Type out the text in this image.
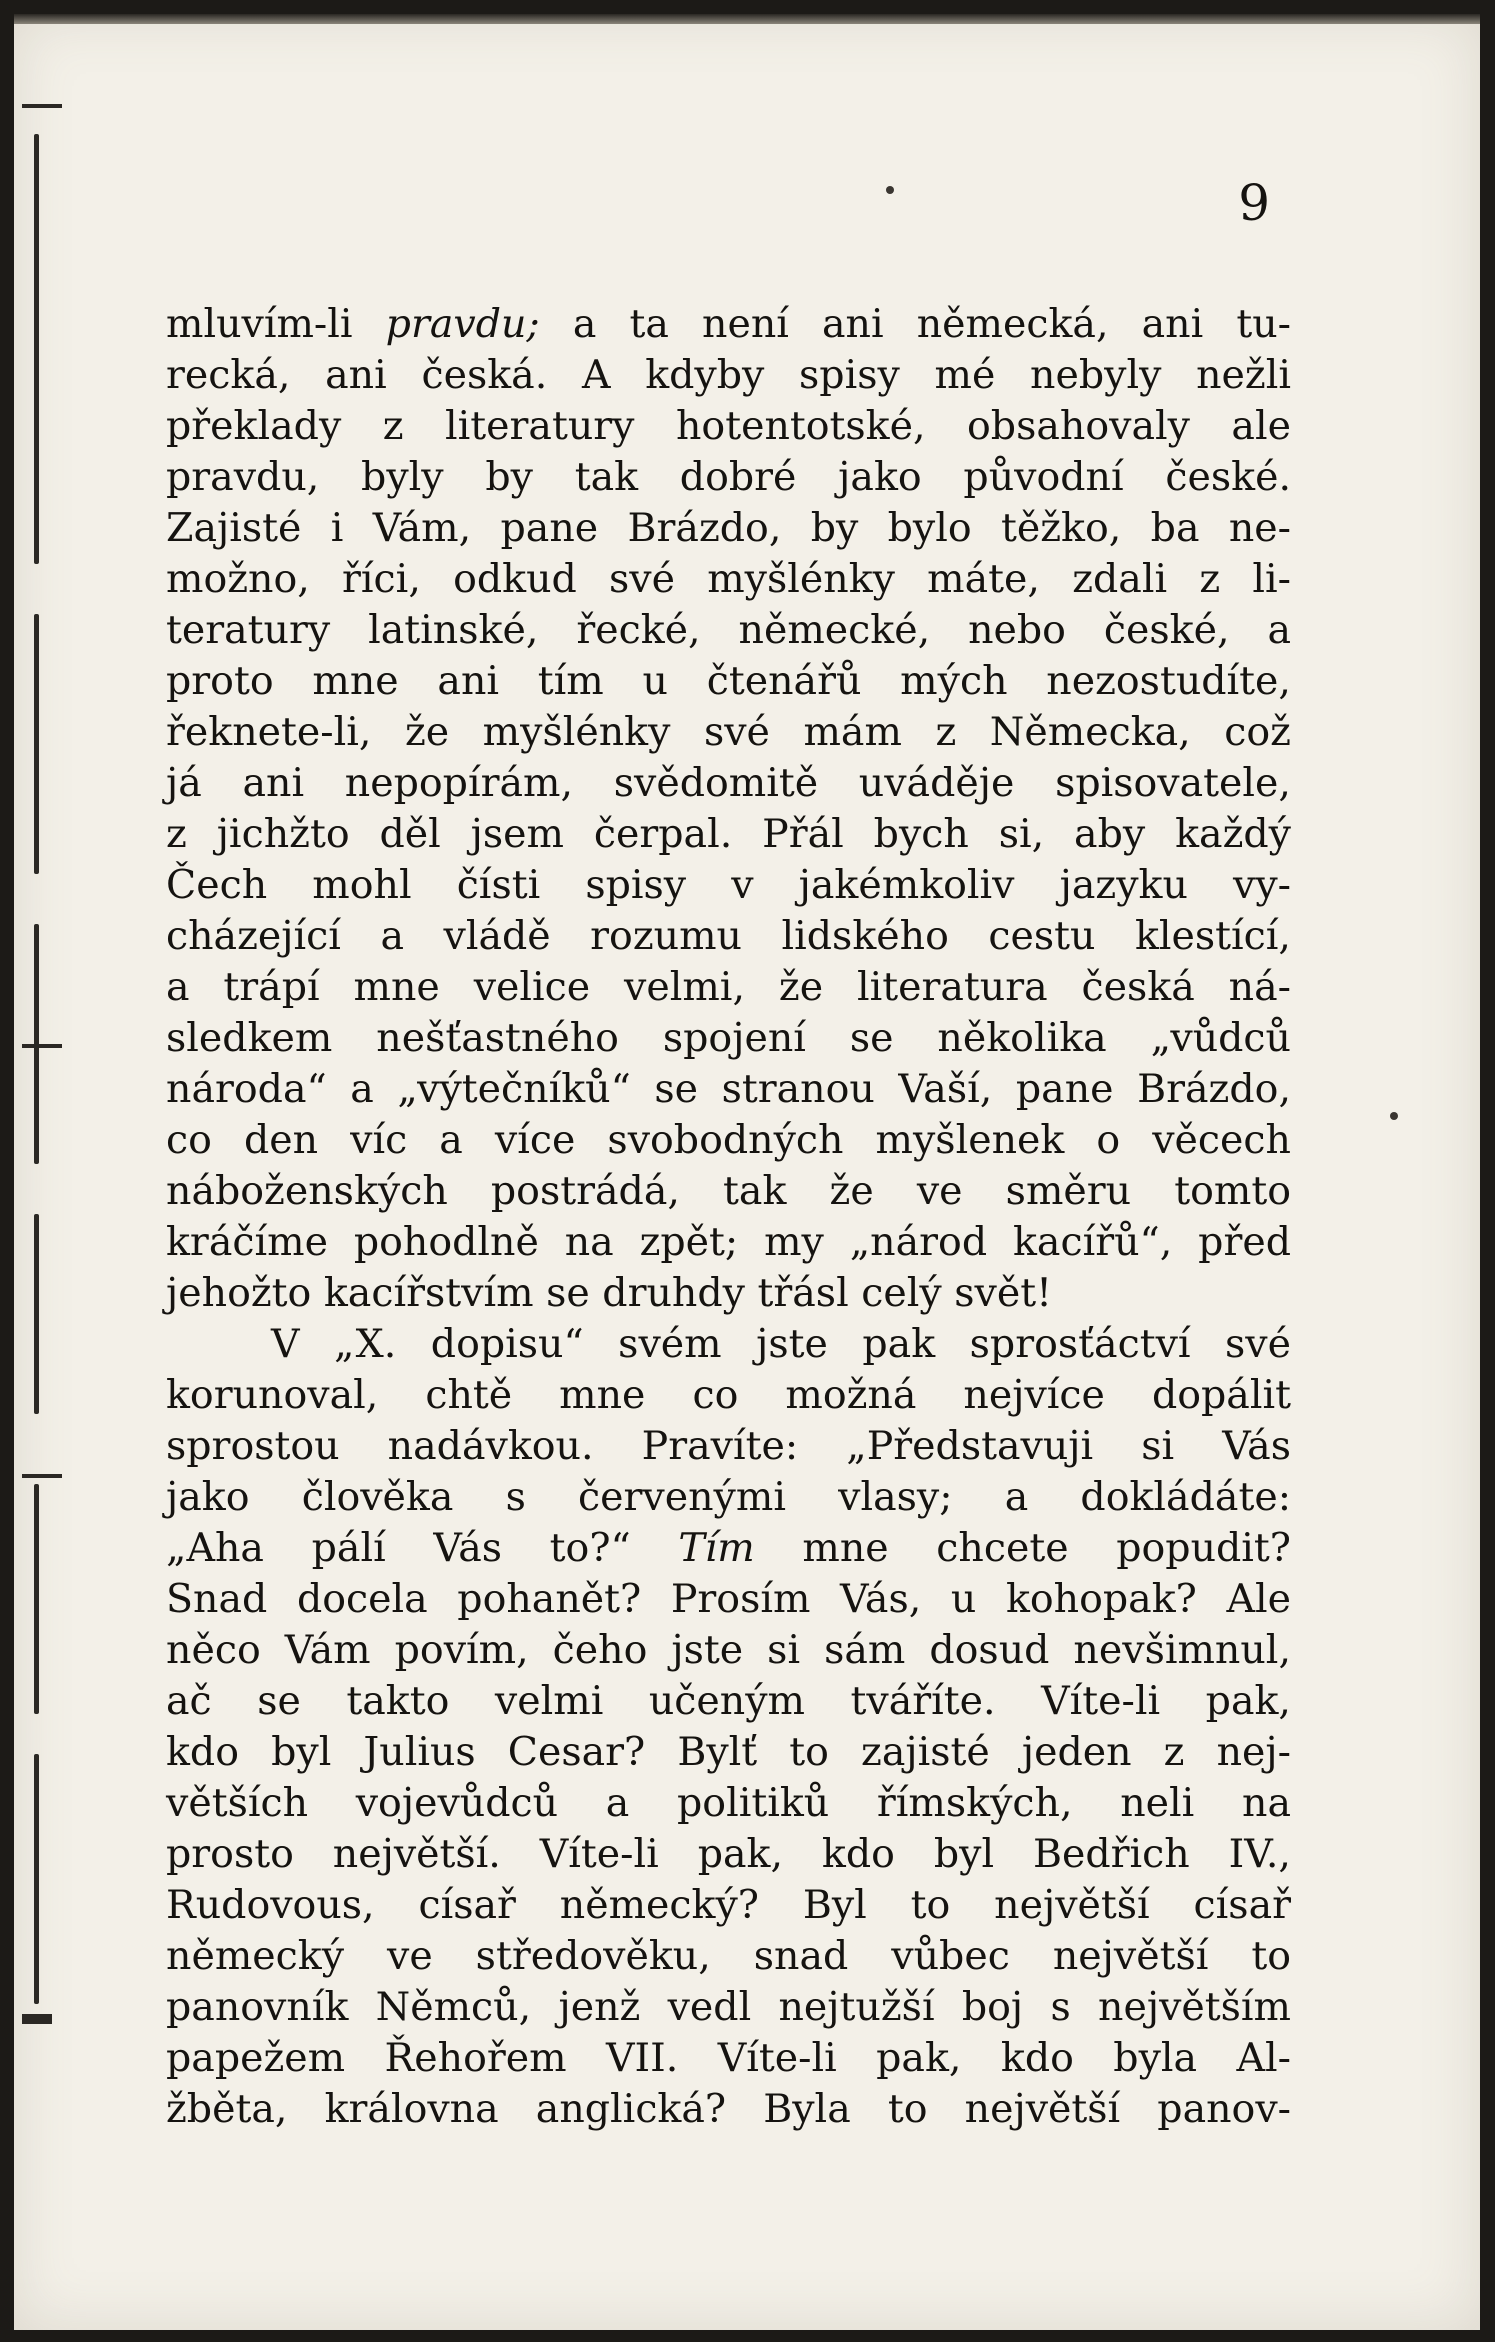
9

mluvím-li pravdu; a ta není ani německá, ani tu-
recká, ani česká. A kdyby spisy mé nebyly nežli
překlady z literatury hotentotské, obsahovaly ale
pravdu, byly by tak dobré jako původní české.
Zajisté i Vám, pane Brázdo, by bylo těžko, ba ne-
možno, říci, odkud své myšlénky máte, zdali z li-
teratury latinské, řecké, německé, nebo české, a
proto mne ani tím u čtenářů mých nezostudíte,
řeknete-li, že myšlénky své mám z Německa, což
já ani nepopírám, svědomitě uváděje spisovatele,
z jichžto děl jsem čerpal. Přál bych si, aby každý
Čech mohl čísti spisy v jakémkoliv jazyku vy-
cházející a vládě rozumu lidského cestu klestící,
a trápí mne velice velmi, že literatura česká ná-
sledkem nešťastného spojení se několika „vůdců
národa“ a „výtečníků“ se stranou Vaší, pane Brázdo,
co den víc a více svobodných myšlenek o věcech
náboženských postrádá, tak že ve směru tomto
kráčíme pohodlně na zpět; my „národ kacířů“, před
jehožto kacířstvím se druhdy třásl celý svět!
V „X. dopisu“ svém jste pak sprosťáctví své
korunoval, chtě mne co možná nejvíce dopálit
sprostou nadávkou. Pravíte: „Představuji si Vás
jako člověka s červenými vlasy; a dokládáte:
„Aha pálí Vás to?“ Tím mne chcete popudit?
Snad docela pohanět? Prosím Vás, u kohopak? Ale
něco Vám povím, čeho jste si sám dosud nevšimnul,
ač se takto velmi učeným tváříte. Víte-li pak,
kdo byl Julius Cesar? Bylť to zajisté jeden z nej-
větších vojevůdců a politiků římských, neli na
prosto největší. Víte-li pak, kdo byl Bedřich IV.,
Rudovous, císař německý? Byl to největší císař
německý ve středověku, snad vůbec největší to
panovník Němců, jenž vedl nejtužší boj s největším
papežem Řehořem VII. Víte-li pak, kdo byla Al-
žběta, královna anglická? Byla to největší panov-
